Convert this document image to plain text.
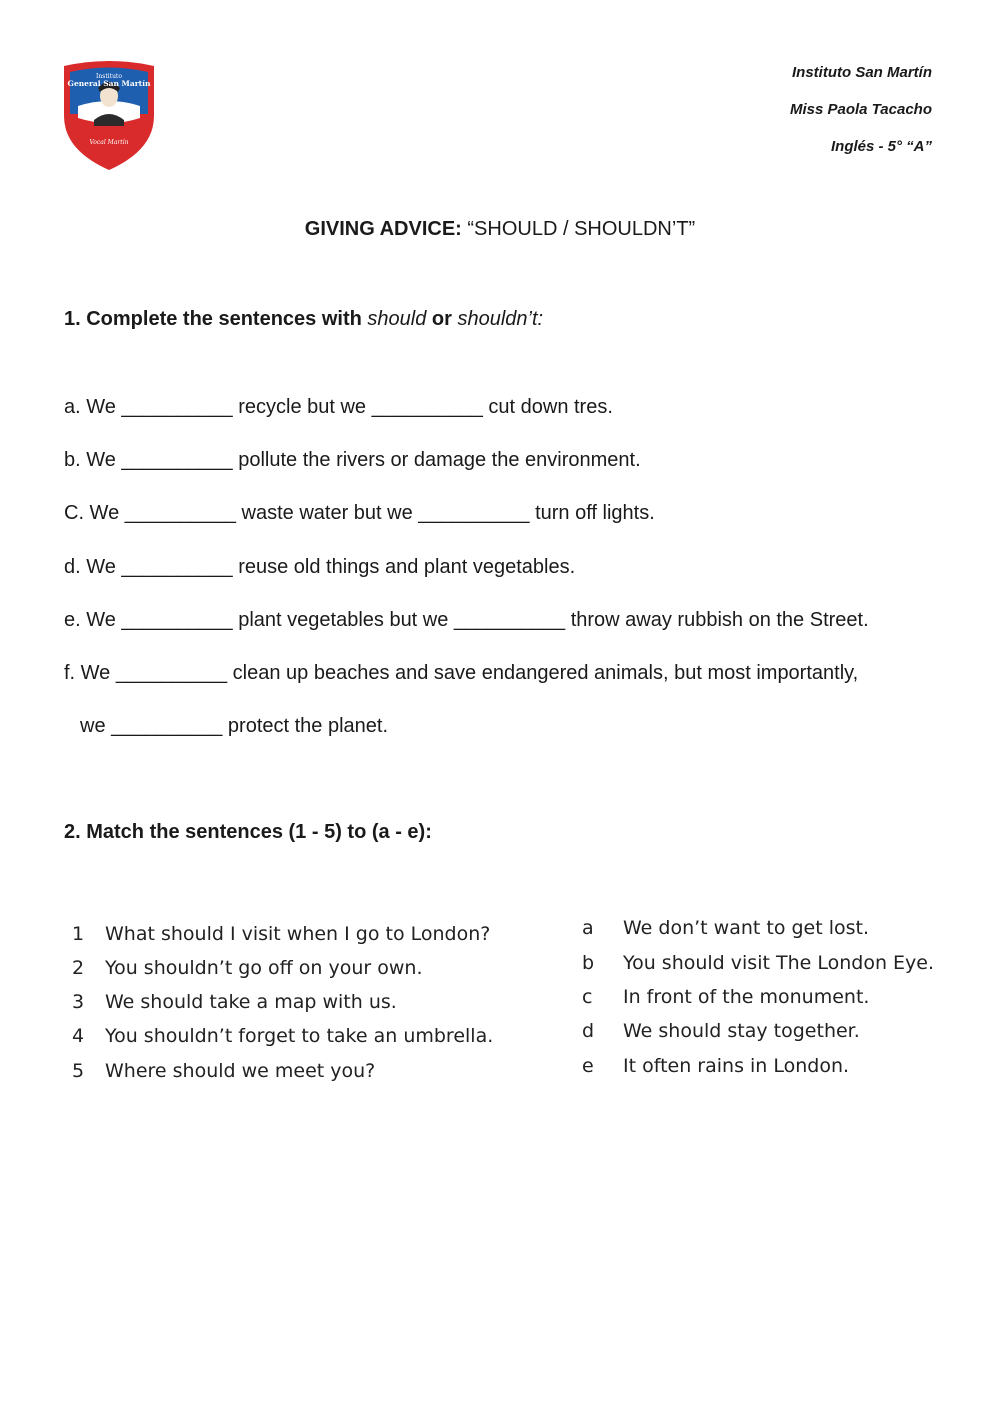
Instituto
General San Martín
Vocal Martín
Instituto San Martín
Miss Paola Tacacho
Inglés - 5° “A”
GIVING ADVICE: “SHOULD / SHOULDN’T”
1. Complete the sentences with should or shouldn’t:
a. We __________ recycle but we __________ cut down tres.
b. We __________ pollute the rivers or damage the environment.
C. We __________ waste water but we __________ turn off lights.
d. We __________ reuse old things and plant vegetables.
e. We __________ plant vegetables but we __________ throw away rubbish on the Street.
f. We __________ clean up beaches and save endangered animals, but most importantly,
we __________ protect the planet.
2. Match the sentences (1 - 5) to (a - e):
1	What should I visit when I go to London?
2	You shouldn’t go off on your own.
3	We should take a map with us.
4	You shouldn’t forget to take an umbrella.
5	Where should we meet you?
a	We don’t want to get lost.
b	You should visit The London Eye.
c	In front of the monument.
d	We should stay together.
e	It often rains in London.
